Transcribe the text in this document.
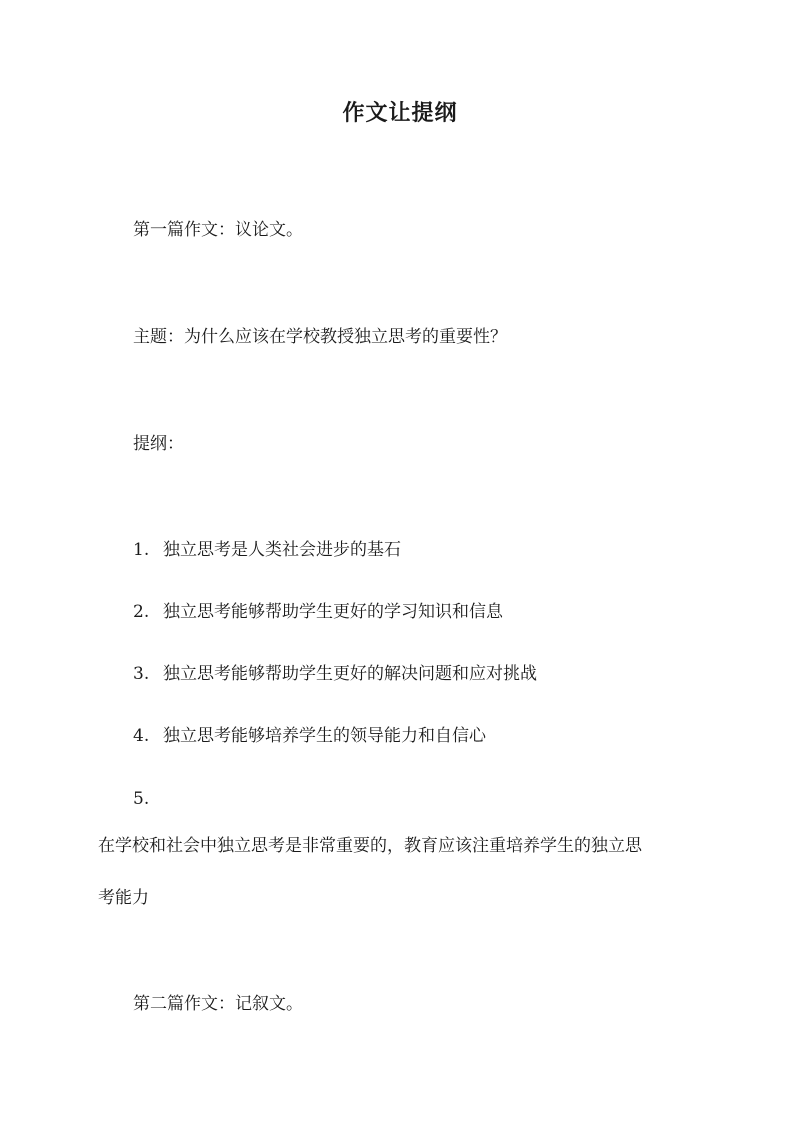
作文让提纲

第一篇作文：议论文。

主题：为什么应该在学校教授独立思考的重要性？

提纲：

1. 独立思考是人类社会进步的基石

2. 独立思考能够帮助学生更好的学习知识和信息

3. 独立思考能够帮助学生更好的解决问题和应对挑战

4. 独立思考能够培养学生的领导能力和自信心

5.

在学校和社会中独立思考是非常重要的，教育应该注重培养学生的独立思

考能力

第二篇作文：记叙文。
